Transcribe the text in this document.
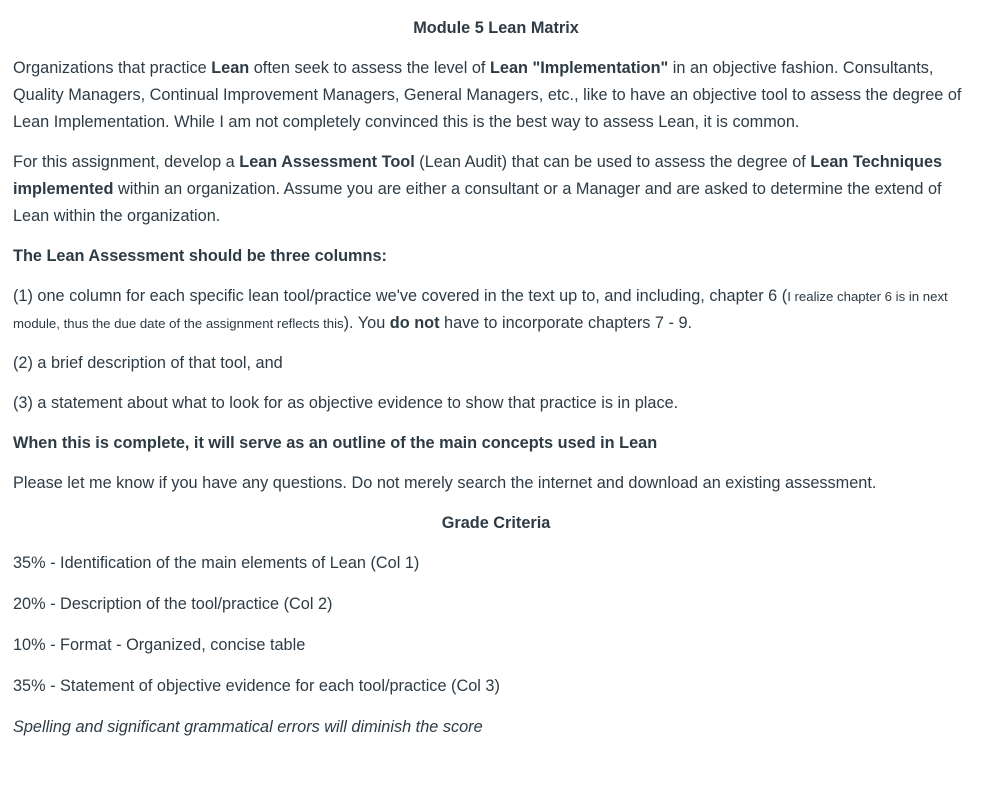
Module 5 Lean Matrix

Organizations that practice Lean often seek to assess the level of Lean "Implementation" in an objective fashion. Consultants, Quality Managers, Continual Improvement Managers, General Managers, etc., like to have an objective tool to assess the degree of Lean Implementation. While I am not completely convinced this is the best way to assess Lean, it is common.

For this assignment, develop a Lean Assessment Tool (Lean Audit) that can be used to assess the degree of Lean Techniques implemented within an organization. Assume you are either a consultant or a Manager and are asked to determine the extend of Lean within the organization.

The Lean Assessment should be three columns:

(1) one column for each specific lean tool/practice we've covered in the text up to, and including, chapter 6 (I realize chapter 6 is in next module, thus the due date of the assignment reflects this). You do not have to incorporate chapters 7 - 9.

(2) a brief description of that tool, and

(3) a statement about what to look for as objective evidence to show that practice is in place.

When this is complete, it will serve as an outline of the main concepts used in Lean

Please let me know if you have any questions. Do not merely search the internet and download an existing assessment.

Grade Criteria

35% - Identification of the main elements of Lean (Col 1)

20% - Description of the tool/practice (Col 2)

10% - Format - Organized, concise table

35% - Statement of objective evidence for each tool/practice (Col 3)

Spelling and significant grammatical errors will diminish the score
